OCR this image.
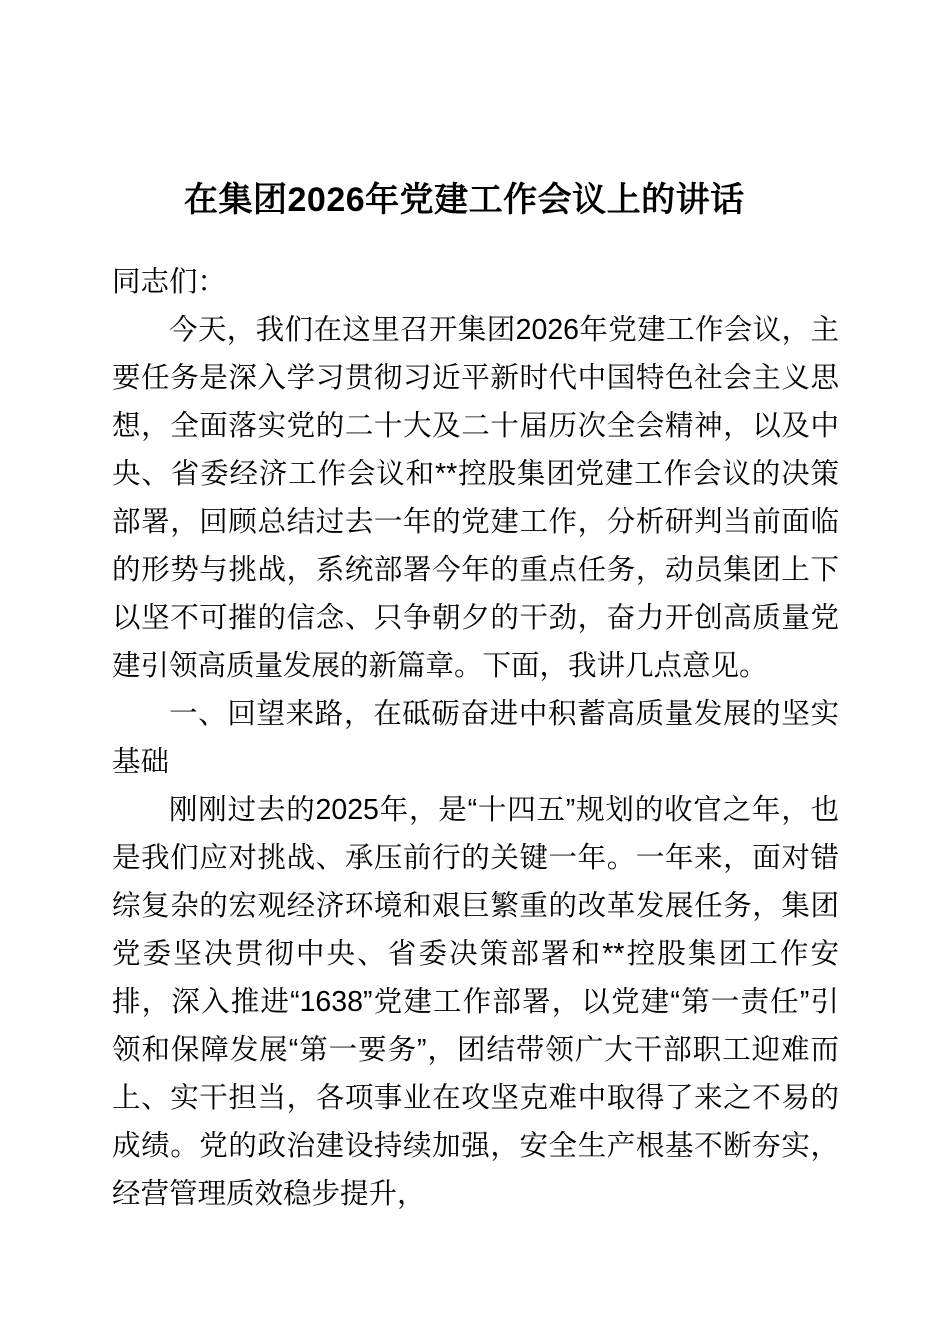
在集团2026年党建工作会议上的讲话

同志们：

今天，我们在这里召开集团2026年党建工作会议，主要任务是深入学习贯彻习近平新时代中国特色社会主义思想，全面落实党的二十大及二十届历次全会精神，以及中央、省委经济工作会议和**控股集团党建工作会议的决策部署，回顾总结过去一年的党建工作，分析研判当前面临的形势与挑战，系统部署今年的重点任务，动员集团上下以坚不可摧的信念、只争朝夕的干劲，奋力开创高质量党建引领高质量发展的新篇章。下面，我讲几点意见。

一、回望来路，在砥砺奋进中积蓄高质量发展的坚实基础

刚刚过去的2025年，是“十四五”规划的收官之年，也是我们应对挑战、承压前行的关键一年。一年来，面对错综复杂的宏观经济环境和艰巨繁重的改革发展任务，集团党委坚决贯彻中央、省委决策部署和**控股集团工作安排，深入推进“1638”党建工作部署，以党建“第一责任”引领和保障发展“第一要务”，团结带领广大干部职工迎难而上、实干担当，各项事业在攻坚克难中取得了来之不易的成绩。党的政治建设持续加强，安全生产根基不断夯实，经营管理质效稳步提升，
